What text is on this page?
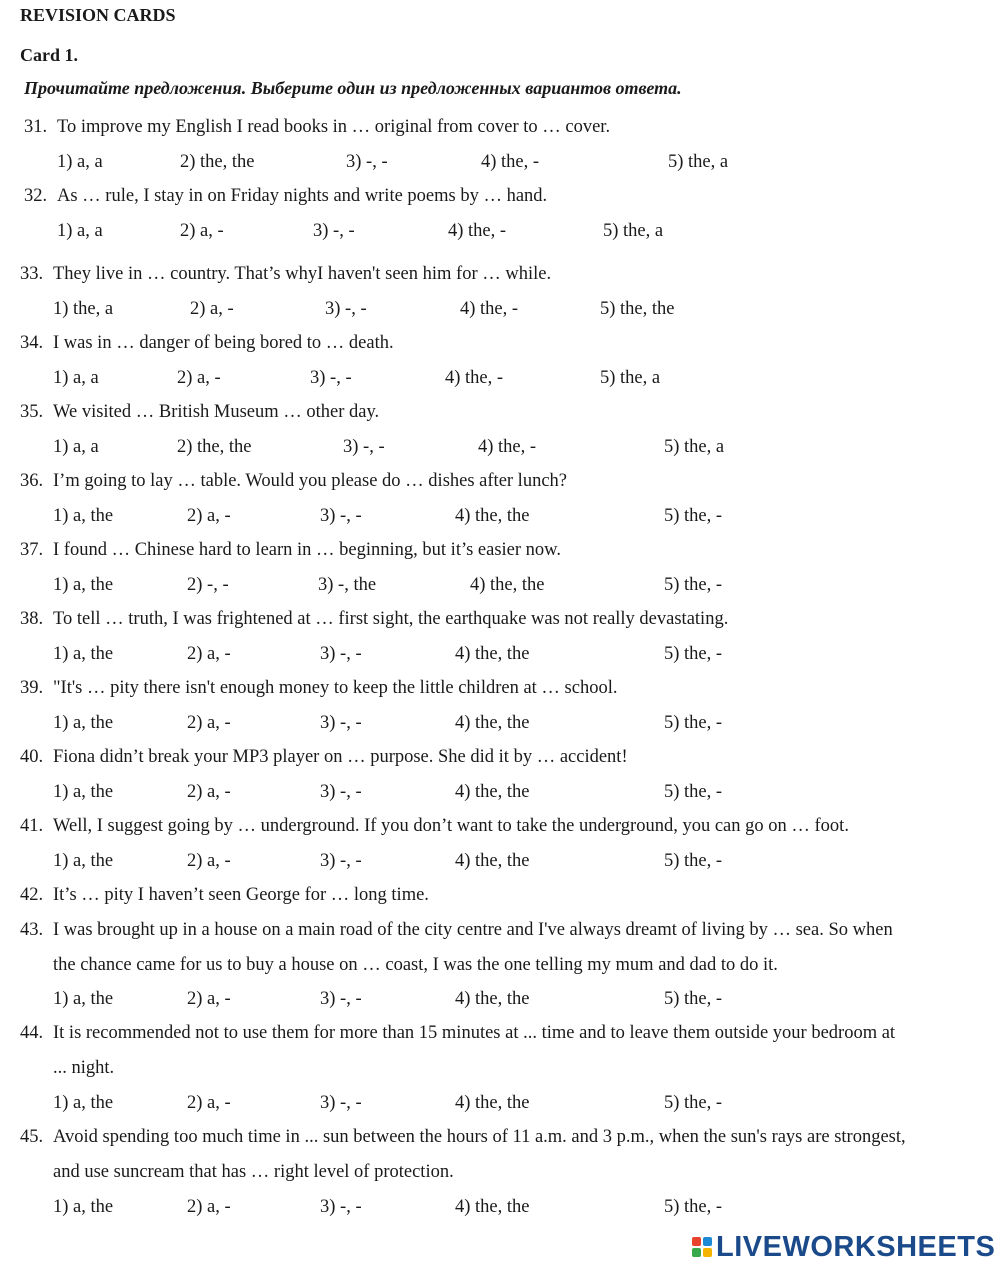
REVISION CARDS
Card 1.
Прочитайте предложения. Выберите один из предложенных вариантов ответа.
31. To improve my English I read books in … original from cover to … cover.
1) a, a	2) the, the	3) -, -	4) the, -	5) the, a
32. As … rule, I stay in on Friday nights and write poems by … hand.
1) a, a	2) a, -	3) -, -	4) the, -	5) the, a
33. They live in … country. That’s whyI haven't seen him for … while.
1) the, a	2) a, -	3) -, -	4) the, -	5) the, the
34. I was in … danger of being bored to … death.
1) a, a	2) a, -	3) -, -	4) the, -	5) the, a
35. We visited … British Museum … other day.
1) a, a	2) the, the	3) -, -	4) the, -	5) the, a
36. I’m going to lay … table. Would you please do … dishes after lunch?
1) a, the	2) a, -	3) -, -	4) the, the	5) the, -
37. I found … Chinese hard to learn in … beginning, but it’s easier now.
1) a, the	2) -, -	3) -, the	4) the, the	5) the, -
38. To tell … truth, I was frightened at … first sight, the earthquake was not really devastating.
1) a, the	2) a, -	3) -, -	4) the, the	5) the, -
39. "It's … pity there isn't enough money to keep the little children at … school.
1) a, the	2) a, -	3) -, -	4) the, the	5) the, -
40. Fiona didn’t break your MP3 player on … purpose. She did it by … accident!
1) a, the	2) a, -	3) -, -	4) the, the	5) the, -
41. Well, I suggest going by … underground. If you don’t want to take the underground, you can go on … foot.
1) a, the	2) a, -	3) -, -	4) the, the	5) the, -
42. It’s … pity I haven’t seen George for … long time.
43. I was brought up in a house on a main road of the city centre and I've always dreamt of living by … sea. So when
the chance came for us to buy a house on … coast, I was the one telling my mum and dad to do it.
1) a, the	2) a, -	3) -, -	4) the, the	5) the, -
44. It is recommended not to use them for more than 15 minutes at ... time and to leave them outside your bedroom at
... night.
1) a, the	2) a, -	3) -, -	4) the, the	5) the, -
45. Avoid spending too much time in ... sun between the hours of 11 a.m. and 3 p.m., when the sun's rays are strongest,
and use suncream that has … right level of protection.
1) a, the	2) a, -	3) -, -	4) the, the	5) the, -
LIVEWORKSHEETS
